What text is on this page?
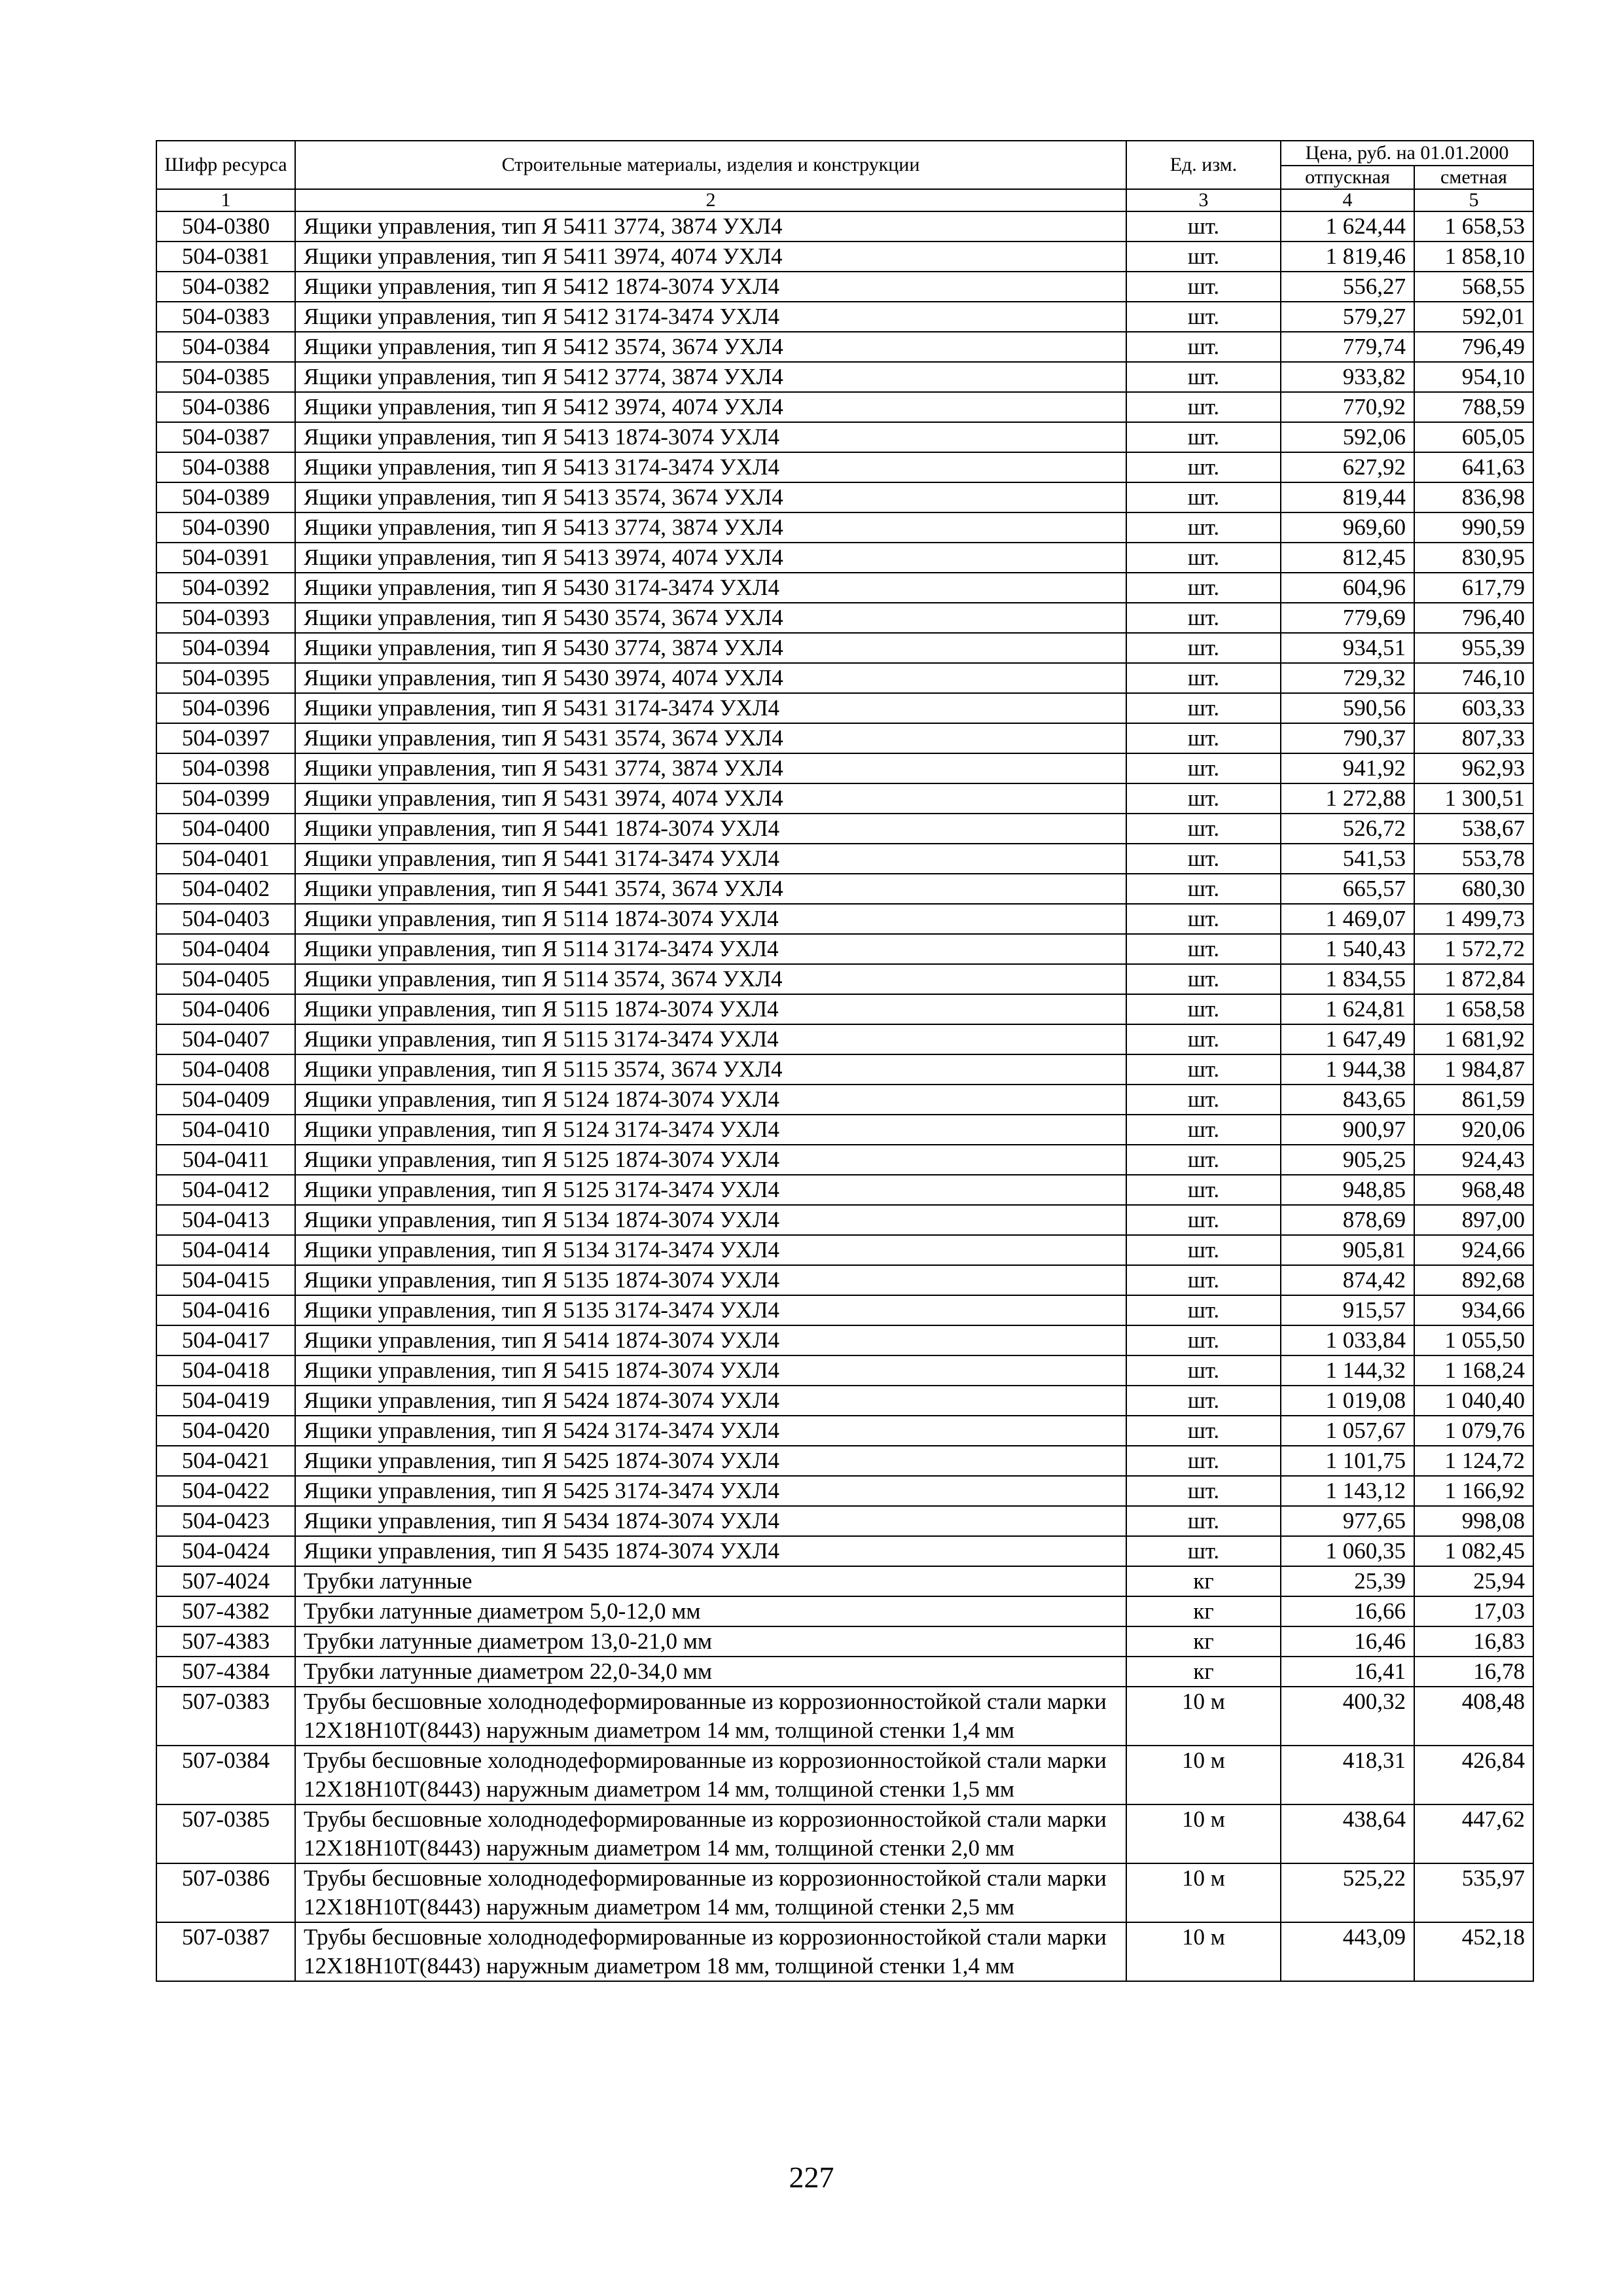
Шифр ресурса	Строительные материалы, изделия и конструкции	Ед. изм.	Цена, руб. на 01.01.2000	
			отпускная	сметная
1	2	3	4	5
504-0380	Ящики управления, тип Я 5411 3774, 3874 УХЛ4	шт.	1 624,44	1 658,53
504-0381	Ящики управления, тип Я 5411 3974, 4074 УХЛ4	шт.	1 819,46	1 858,10
504-0382	Ящики управления, тип Я 5412 1874-3074 УХЛ4	шт.	556,27	568,55
504-0383	Ящики управления, тип Я 5412 3174-3474 УХЛ4	шт.	579,27	592,01
504-0384	Ящики управления, тип Я 5412 3574, 3674 УХЛ4	шт.	779,74	796,49
504-0385	Ящики управления, тип Я 5412 3774, 3874 УХЛ4	шт.	933,82	954,10
504-0386	Ящики управления, тип Я 5412 3974, 4074 УХЛ4	шт.	770,92	788,59
504-0387	Ящики управления, тип Я 5413 1874-3074 УХЛ4	шт.	592,06	605,05
504-0388	Ящики управления, тип Я 5413 3174-3474 УХЛ4	шт.	627,92	641,63
504-0389	Ящики управления, тип Я 5413 3574, 3674 УХЛ4	шт.	819,44	836,98
504-0390	Ящики управления, тип Я 5413 3774, 3874 УХЛ4	шт.	969,60	990,59
504-0391	Ящики управления, тип Я 5413 3974, 4074 УХЛ4	шт.	812,45	830,95
504-0392	Ящики управления, тип Я 5430 3174-3474 УХЛ4	шт.	604,96	617,79
504-0393	Ящики управления, тип Я 5430 3574, 3674 УХЛ4	шт.	779,69	796,40
504-0394	Ящики управления, тип Я 5430 3774, 3874 УХЛ4	шт.	934,51	955,39
504-0395	Ящики управления, тип Я 5430 3974, 4074 УХЛ4	шт.	729,32	746,10
504-0396	Ящики управления, тип Я 5431 3174-3474 УХЛ4	шт.	590,56	603,33
504-0397	Ящики управления, тип Я 5431 3574, 3674 УХЛ4	шт.	790,37	807,33
504-0398	Ящики управления, тип Я 5431 3774, 3874 УХЛ4	шт.	941,92	962,93
504-0399	Ящики управления, тип Я 5431 3974, 4074 УХЛ4	шт.	1 272,88	1 300,51
504-0400	Ящики управления, тип Я 5441 1874-3074 УХЛ4	шт.	526,72	538,67
504-0401	Ящики управления, тип Я 5441 3174-3474 УХЛ4	шт.	541,53	553,78
504-0402	Ящики управления, тип Я 5441 3574, 3674 УХЛ4	шт.	665,57	680,30
504-0403	Ящики управления, тип Я 5114 1874-3074 УХЛ4	шт.	1 469,07	1 499,73
504-0404	Ящики управления, тип Я 5114 3174-3474 УХЛ4	шт.	1 540,43	1 572,72
504-0405	Ящики управления, тип Я 5114 3574, 3674 УХЛ4	шт.	1 834,55	1 872,84
504-0406	Ящики управления, тип Я 5115 1874-3074 УХЛ4	шт.	1 624,81	1 658,58
504-0407	Ящики управления, тип Я 5115 3174-3474 УХЛ4	шт.	1 647,49	1 681,92
504-0408	Ящики управления, тип Я 5115 3574, 3674 УХЛ4	шт.	1 944,38	1 984,87
504-0409	Ящики управления, тип Я 5124 1874-3074 УХЛ4	шт.	843,65	861,59
504-0410	Ящики управления, тип Я 5124 3174-3474 УХЛ4	шт.	900,97	920,06
504-0411	Ящики управления, тип Я 5125 1874-3074 УХЛ4	шт.	905,25	924,43
504-0412	Ящики управления, тип Я 5125 3174-3474 УХЛ4	шт.	948,85	968,48
504-0413	Ящики управления, тип Я 5134 1874-3074 УХЛ4	шт.	878,69	897,00
504-0414	Ящики управления, тип Я 5134 3174-3474 УХЛ4	шт.	905,81	924,66
504-0415	Ящики управления, тип Я 5135 1874-3074 УХЛ4	шт.	874,42	892,68
504-0416	Ящики управления, тип Я 5135 3174-3474 УХЛ4	шт.	915,57	934,66
504-0417	Ящики управления, тип Я 5414 1874-3074 УХЛ4	шт.	1 033,84	1 055,50
504-0418	Ящики управления, тип Я 5415 1874-3074 УХЛ4	шт.	1 144,32	1 168,24
504-0419	Ящики управления, тип Я 5424 1874-3074 УХЛ4	шт.	1 019,08	1 040,40
504-0420	Ящики управления, тип Я 5424 3174-3474 УХЛ4	шт.	1 057,67	1 079,76
504-0421	Ящики управления, тип Я 5425 1874-3074 УХЛ4	шт.	1 101,75	1 124,72
504-0422	Ящики управления, тип Я 5425 3174-3474 УХЛ4	шт.	1 143,12	1 166,92
504-0423	Ящики управления, тип Я 5434 1874-3074 УХЛ4	шт.	977,65	998,08
504-0424	Ящики управления, тип Я 5435 1874-3074 УХЛ4	шт.	1 060,35	1 082,45
507-4024	Трубки латунные	кг	25,39	25,94
507-4382	Трубки латунные диаметром 5,0-12,0 мм	кг	16,66	17,03
507-4383	Трубки латунные диаметром 13,0-21,0 мм	кг	16,46	16,83
507-4384	Трубки латунные диаметром 22,0-34,0 мм	кг	16,41	16,78
507-0383	Трубы бесшовные холоднодеформированные из коррозионностойкой стали марки 12Х18Н10Т(8443) наружным диаметром 14 мм, толщиной стенки 1,4 мм	10 м	400,32	408,48
507-0384	Трубы бесшовные холоднодеформированные из коррозионностойкой стали марки 12Х18Н10Т(8443) наружным диаметром 14 мм, толщиной стенки 1,5 мм	10 м	418,31	426,84
507-0385	Трубы бесшовные холоднодеформированные из коррозионностойкой стали марки 12Х18Н10Т(8443) наружным диаметром 14 мм, толщиной стенки 2,0 мм	10 м	438,64	447,62
507-0386	Трубы бесшовные холоднодеформированные из коррозионностойкой стали марки 12Х18Н10Т(8443) наружным диаметром 14 мм, толщиной стенки 2,5 мм	10 м	525,22	535,97
507-0387	Трубы бесшовные холоднодеформированные из коррозионностойкой стали марки 12Х18Н10Т(8443) наружным диаметром 18 мм, толщиной стенки 1,4 мм	10 м	443,09	452,18
227
